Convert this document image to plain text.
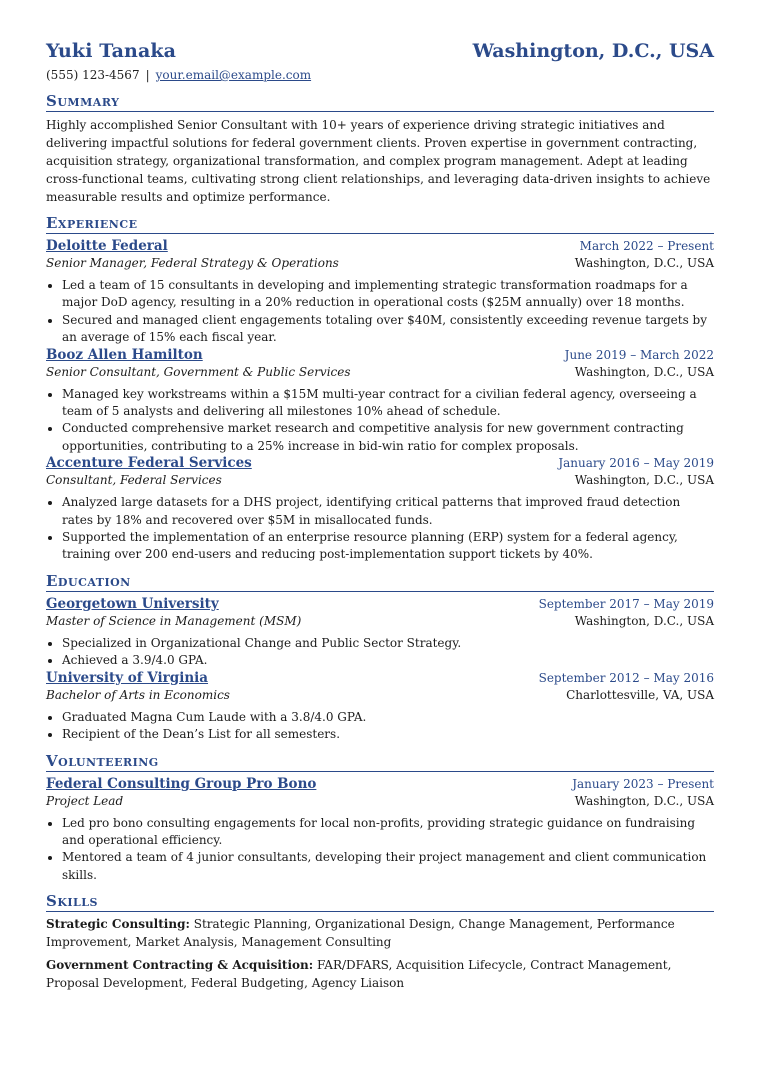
Yuki Tanaka	Washington, D.C., USA
(555) 123-4567 | your.email@example.com
Summary

Highly accomplished Senior Consultant with 10+ years of experience driving strategic initiatives and delivering impactful solutions for federal government clients. Proven expertise in government contracting, acquisition strategy, organizational transformation, and complex program management. Adept at leading cross-functional teams, cultivating strong client relationships, and leveraging data-driven insights to achieve measurable results and optimize performance.

Experience
Deloitte Federal	March 2022 – Present
Senior Manager, Federal Strategy & Operations	Washington, D.C., USA
• Led a team of 15 consultants in developing and implementing strategic transformation roadmaps for a major DoD agency, resulting in a 20% reduction in operational costs ($25M annually) over 18 months.
• Secured and managed client engagements totaling over $40M, consistently exceeding revenue targets by an average of 15% each fiscal year.
Booz Allen Hamilton	June 2019 – March 2022
Senior Consultant, Government & Public Services	Washington, D.C., USA
• Managed key workstreams within a $15M multi-year contract for a civilian federal agency, overseeing a team of 5 analysts and delivering all milestones 10% ahead of schedule.
• Conducted comprehensive market research and competitive analysis for new government contracting opportunities, contributing to a 25% increase in bid-win ratio for complex proposals.
Accenture Federal Services	January 2016 – May 2019
Consultant, Federal Services	Washington, D.C., USA
• Analyzed large datasets for a DHS project, identifying critical patterns that improved fraud detection rates by 18% and recovered over $5M in misallocated funds.
• Supported the implementation of an enterprise resource planning (ERP) system for a federal agency, training over 200 end-users and reducing post-implementation support tickets by 40%.
Education
Georgetown University	September 2017 – May 2019
Master of Science in Management (MSM)	Washington, D.C., USA
• Specialized in Organizational Change and Public Sector Strategy.
• Achieved a 3.9/4.0 GPA.
University of Virginia	September 2012 – May 2016
Bachelor of Arts in Economics	Charlottesville, VA, USA
• Graduated Magna Cum Laude with a 3.8/4.0 GPA.
• Recipient of the Dean’s List for all semesters.
Volunteering
Federal Consulting Group Pro Bono	January 2023 – Present
Project Lead	Washington, D.C., USA
• Led pro bono consulting engagements for local non-profits, providing strategic guidance on fundraising and operational efficiency.
• Mentored a team of 4 junior consultants, developing their project management and client communication skills.
Skills

Strategic Consulting: Strategic Planning, Organizational Design, Change Management, Performance Improvement, Market Analysis, Management Consulting

Government Contracting & Acquisition: FAR/DFARS, Acquisition Lifecycle, Contract Management, Proposal Development, Federal Budgeting, Agency Liaison
